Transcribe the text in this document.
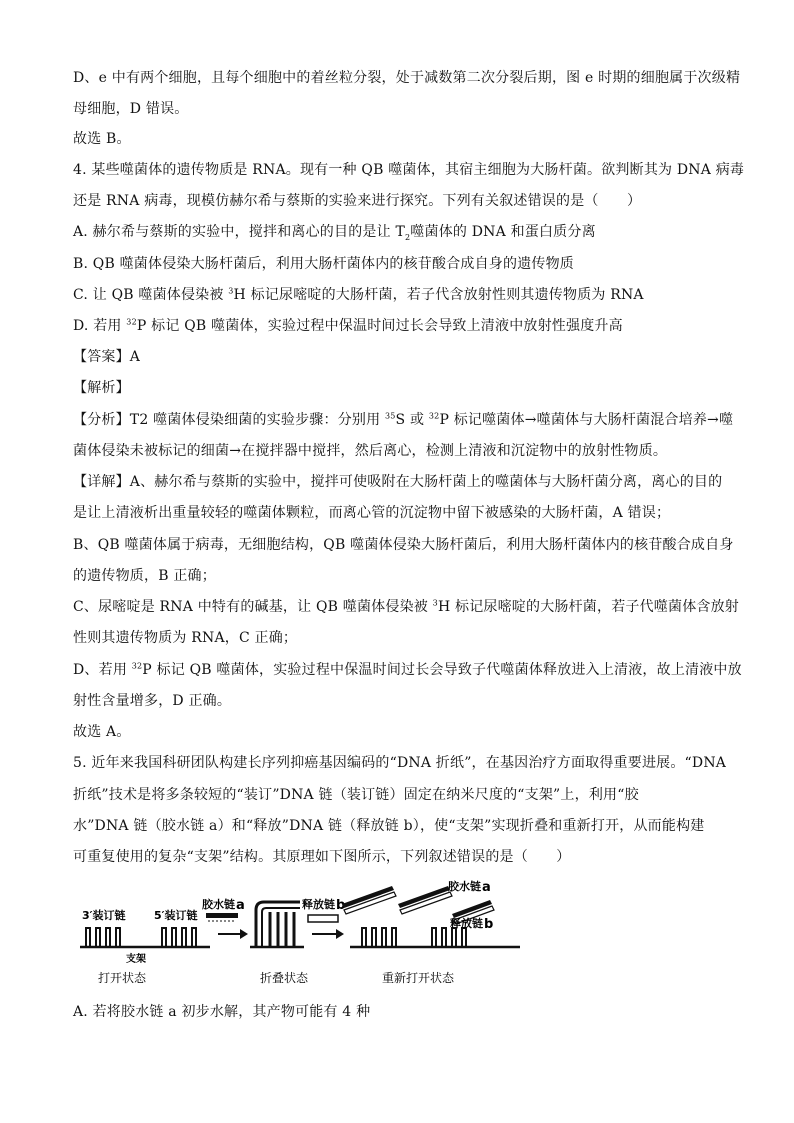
D、e 中有两个细胞，且每个细胞中的着丝粒分裂，处于减数第二次分裂后期，图 e 时期的细胞属于次级精
母细胞，D 错误。
故选 B。
4. 某些噬菌体的遗传物质是 RNA。现有一种 QB 噬菌体，其宿主细胞为大肠杆菌。欲判断其为 DNA 病毒
还是 RNA 病毒，现模仿赫尔希与蔡斯的实验来进行探究。下列有关叙述错误的是（　　）
A. 赫尔希与蔡斯的实验中，搅拌和离心的目的是让 $T_2$噬菌体的 DNA 和蛋白质分离
B. QB 噬菌体侵染大肠杆菌后，利用大肠杆菌体内的核苷酸合成自身的遗传物质
C. 让 QB 噬菌体侵染被 $^3$H 标记尿嘧啶的大肠杆菌，若子代含放射性则其遗传物质为 RNA
D. 若用 $^{32}$P 标记 QB 噬菌体，实验过程中保温时间过长会导致上清液中放射性强度升高
【答案】A
【解析】
【分析】T2 噬菌体侵染细菌的实验步骤：分别用 $^{35}$S 或 $^{32}$P 标记噬菌体→噬菌体与大肠杆菌混合培养→噬
菌体侵染未被标记的细菌→在搅拌器中搅拌，然后离心，检测上清液和沉淀物中的放射性物质。
【详解】A、赫尔希与蔡斯的实验中，搅拌可使吸附在大肠杆菌上的噬菌体与大肠杆菌分离，离心的目的
是让上清液析出重量较轻的噬菌体颗粒，而离心管的沉淀物中留下被感染的大肠杆菌，A 错误；
B、QB 噬菌体属于病毒，无细胞结构，QB 噬菌体侵染大肠杆菌后，利用大肠杆菌体内的核苷酸合成自身
的遗传物质，B 正确；
C、尿嘧啶是 RNA 中特有的碱基，让 QB 噬菌体侵染被 $^3$H 标记尿嘧啶的大肠杆菌，若子代噬菌体含放射
性则其遗传物质为 RNA，C 正确；
D、若用 $^{32}$P 标记 QB 噬菌体，实验过程中保温时间过长会导致子代噬菌体释放进入上清液，故上清液中放
射性含量增多，D 正确。
故选 A。
5. 近年来我国科研团队构建长序列抑癌基因编码的“DNA 折纸”，在基因治疗方面取得重要进展。“DNA
折纸”技术是将多条较短的“装订”DNA 链（装订链）固定在纳米尺度的“支架”上，利用“胶
水”DNA 链（胶水链 a）和“释放”DNA 链（释放链 b），使“支架”实现折叠和重新打开，从而能构建
可重复使用的复杂“支架”结构。其原理如下图所示，下列叙述错误的是（　　）
A. 若将胶水链 a 初步水解，其产物可能有 4 种
3′装订链	5′装订链
支架
打开状态
胶水链 a
折叠状态
释放链 b
胶水链 a
释放链 b
重新打开状态
